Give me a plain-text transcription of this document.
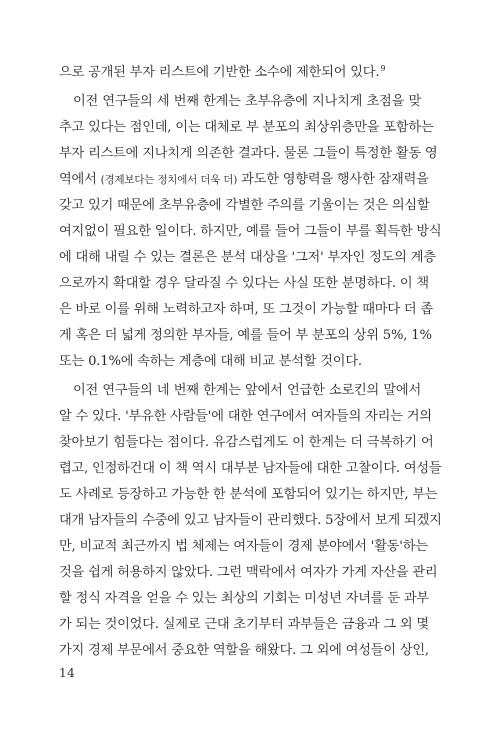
으로 공개된 부자 리스트에 기반한 소수에 제한되어 있다.$^9$
이전 연구들의 세 번째 한계는 초부유층에 지나치게 초점을 맞
추고 있다는 점인데, 이는 대체로 부 분포의 최상위층만을 포함하는
부자 리스트에 지나치게 의존한 결과다. 물론 그들이 특정한 활동 영
역에서 (경제보다는 정치에서 더욱 더) 과도한 영향력을 행사한 잠재력을
갖고 있기 때문에 초부유층에 각별한 주의를 기울이는 것은 의심할
여지없이 필요한 일이다. 하지만, 예를 들어 그들이 부를 획득한 방식
에 대해 내릴 수 있는 결론은 분석 대상을 '그저' 부자인 정도의 계층
으로까지 확대할 경우 달라질 수 있다는 사실 또한 분명하다. 이 책
은 바로 이를 위해 노력하고자 하며, 또 그것이 가능할 때마다 더 좁
게 혹은 더 넓게 정의한 부자들, 예를 들어 부 분포의 상위 5%, 1%
또는 0.1%에 속하는 계층에 대해 비교 분석할 것이다.
이전 연구들의 네 번째 한계는 앞에서 언급한 소로킨의 말에서
알 수 있다. '부유한 사람들'에 대한 연구에서 여자들의 자리는 거의
찾아보기 힘들다는 점이다. 유감스럽게도 이 한계는 더 극복하기 어
렵고, 인정하건대 이 책 역시 대부분 남자들에 대한 고찰이다. 여성들
도 사례로 등장하고 가능한 한 분석에 포함되어 있기는 하지만, 부는
대개 남자들의 수중에 있고 남자들이 관리했다. 5장에서 보게 되겠지
만, 비교적 최근까지 법 체제는 여자들이 경제 분야에서 '활동'하는
것을 쉽게 허용하지 않았다. 그런 맥락에서 여자가 가계 자산을 관리
할 정식 자격을 얻을 수 있는 최상의 기회는 미성년 자녀를 둔 과부
가 되는 것이었다. 실제로 근대 초기부터 과부들은 금융과 그 외 몇
가지 경제 부문에서 중요한 역할을 해왔다. 그 외에 여성들이 상인,
14
